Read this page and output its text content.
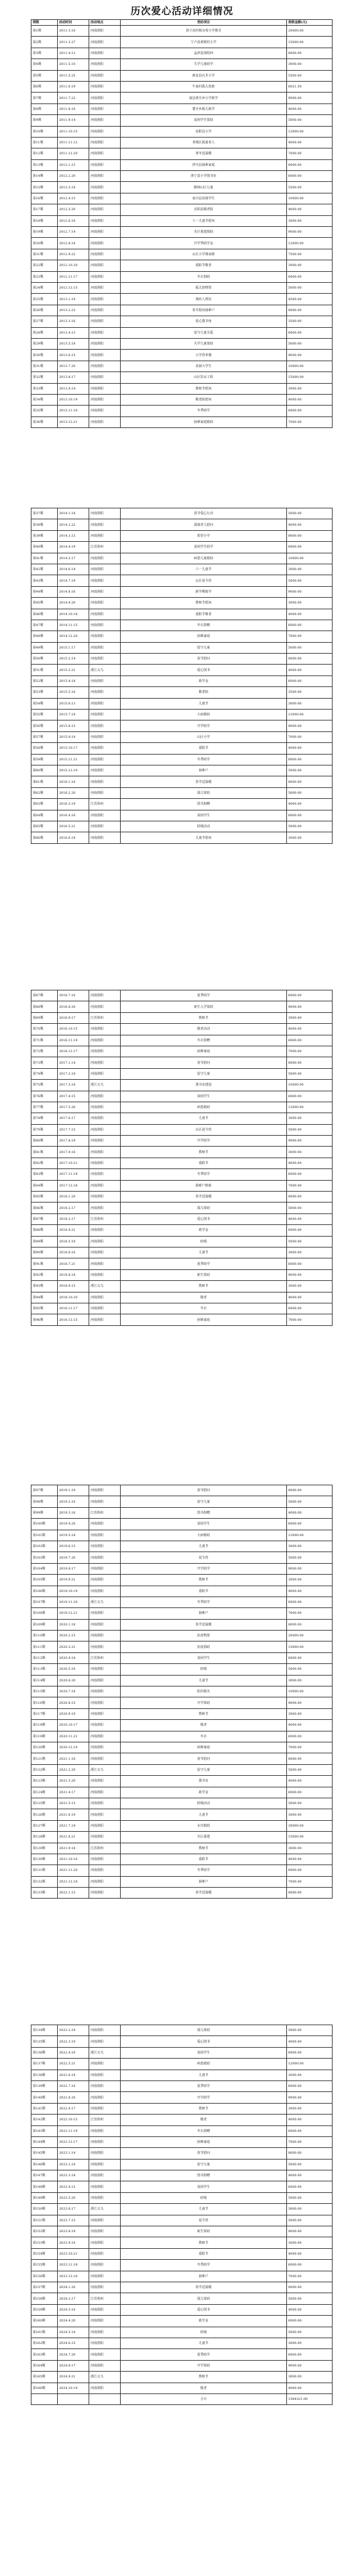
历次爱心活动详细情况
期数	活动时间	活动地点	受助项目	捐款金额(元)
第1期	2011.3.16	河南洛阳	洛王沟村杨余希小学图书	20000.00
第2期	2011.3.27	河南洛阳	宁卢县黄塬村小学	15000.00
第3期	2011.4.12	河南洛阳	孟津县洛阳西	8000.00
第4期	2011.5.10	河南洛阳	失学儿童助学	3000.00
第5期	2011.5.25	河南洛阳	新安县石井小学	5500.00
第6期	2011.6.19	河南洛阳	牛家村孤儿资助	6021.50
第7期	2011.7.22	河南洛阳	嵩县黄庄乡小学助学	9000.00
第8期	2011.8.16	河南洛阳	董寺乡孤儿助学	4000.00
第9期	2011.9.14	河南洛阳	贫困学生资助	5000.00
第10期	2011.10.15	河南洛阳	汝阳县小学	12000.00
第11期	2011.11.12	河南洛阳	老城区孤寡老人	4000.00
第12期	2011.12.20	河南洛阳	寒冬送温暖	7000.00
第13期	2012.1.15	河南洛阳	伊川县困难家庭	8000.00
第14期	2012.2.20	河南洛阳	洛宁县小学图书室	6000.00
第15期	2012.3.18	河南洛阳	偃师山区儿童	5500.00
第16期	2012.4.15	河南洛阳	栾川县贫困学生	10000.00
第17期	2012.5.20	河南洛阳	宜阳县敬老院	4000.00
第18期	2012.6.16	河南洛阳	六一儿童节慰问	3000.00
第19期	2012.7.14	河南洛阳	灾区重建捐助	9000.00
第20期	2012.8.18	河南洛阳	开学季助学金	12000.00
第21期	2012.9.22	河南洛阳	山区小学课桌椅	7500.00
第22期	2012.10.20	河南洛阳	重阳节敬老	3000.00
第23期	2012.11.17	河南洛阳	冬衣捐助	6000.00
第24期	2012.12.15	河南洛阳	孤儿院物资	5000.00
第25期	2013.1.19	河南洛阳	残疾人帮扶	4500.00
第26期	2013.2.23	河南洛阳	春节慰问困难户	8000.00
第27期	2013.3.16	河南洛阳	爱心图书角	3500.00
第28期	2013.4.13	河南洛阳	留守儿童关爱	6000.00
第29期	2013.5.18	河南洛阳	失学儿童资助	5000.00
第30期	2013.6.15	河南洛阳	小学营养餐	9000.00
第31期	2013.7.20	河南洛阳	贫困大学生	10000.00
第32期	2013.8.17	河南洛阳	山区饮水工程	15000.00
第33期	2013.9.14	河南洛阳	教师节慰问	3000.00
第34期	2013.10.19	河南洛阳	敬老院慰问	4000.00
第35期	2013.11.16	河南洛阳	冬季助学	6000.00
第36期	2013.12.21	河南洛阳	困难家庭救助	7000.00
第37期	2014.1.18	河南洛阳	春节爱心行动	5000.00
第38期	2014.2.22	河南洛阳	孤寡老人慰问	4000.00
第39期	2014.3.15	河南洛阳	希望小学	8000.00
第40期	2014.4.19	江苏徐州	贫困学生助学	6000.00
第41期	2014.5.17	河南洛阳	病患儿童救助	10000.00
第42期	2014.6.14	河南洛阳	六一儿童节	3000.00
第43期	2014.7.19	河南洛阳	山区夏令营	5000.00
第44期	2014.8.16	河南洛阳	新学期助学	9000.00
第45期	2014.9.20	河南洛阳	教师节慰问	3000.00
第46期	2014.10.18	河南洛阳	重阳节敬老	4000.00
第47期	2014.11.15	河南洛阳	冬衣捐赠	6000.00
第48期	2014.12.20	河南洛阳	困难家庭	7000.00
第49期	2015.1.17	河南洛阳	留守儿童	5000.00
第50期	2015.2.14	河南洛阳	春节慰问	8000.00
第51期	2015.3.21	浙江义乌	爱心图书	4000.00
第52期	2015.4.18	河南洛阳	助学金	6000.00
第53期	2015.5.16	河南洛阳	敬老院	3500.00
第54期	2015.6.13	河南洛阳	儿童节	3000.00
第55期	2015.7.18	河南洛阳	大病救助	12000.00
第56期	2015.8.15	河南洛阳	开学助学	9000.00
第57期	2015.9.19	河南洛阳	山区小学	7000.00
第58期	2015.10.17	河南洛阳	重阳节	4000.00
第59期	2015.11.21	河南洛阳	冬季助学	6000.00
第60期	2015.12.19	河南洛阳	困难户	5000.00
第61期	2016.1.16	河南洛阳	春节送温暖	8000.00
第62期	2016.2.20	河南洛阳	孤儿资助	5000.00
第63期	2016.3.19	江苏徐州	图书捐赠	4000.00
第64期	2016.4.16	河南洛阳	贫困学生	6000.00
第65期	2016.5.21	河南洛阳	助残活动	5000.00
第66期	2016.6.18	河南洛阳	儿童节慰问	3000.00
第67期	2016.7.16	河南洛阳	夏季助学	6000.00
第68期	2016.8.20	河南洛阳	新生入学资助	9000.00
第69期	2016.9.17	江苏徐州	教师节	3000.00
第70期	2016.10.15	河南洛阳	敬老活动	4000.00
第71期	2016.11.19	河南洛阳	冬衣捐赠	6000.00
第72期	2016.12.17	河南洛阳	困难家庭	7000.00
第73期	2017.1.14	河南洛阳	春节慰问	8000.00
第74期	2017.2.18	河南洛阳	留守儿童	5000.00
第75期	2017.3.18	浙江义乌	图书室建设	10000.00
第76期	2017.4.15	河南洛阳	贫困学生	6000.00
第77期	2017.5.20	河南洛阳	病患救助	12000.00
第78期	2017.6.17	河南洛阳	儿童节	3000.00
第79期	2017.7.15	河南洛阳	山区夏令营	5000.00
第80期	2017.8.19	河南洛阳	开学助学	9000.00
第81期	2017.9.16	河南洛阳	教师节	3000.00
第82期	2017.10.21	河南洛阳	重阳节	4000.00
第83期	2017.11.18	河南洛阳	冬季助学	6000.00
第84期	2017.12.16	河南洛阳	困难户救助	7000.00
第85期	2018.1.20	河南洛阳	春节送温暖	8000.00
第86期	2018.2.17	河南洛阳	孤儿资助	5000.00
第87期	2018.3.17	江苏徐州	爱心图书	4000.00
第88期	2018.4.21	河南洛阳	助学金	6000.00
第89期	2018.5.19	河南洛阳	助残	5000.00
第90期	2018.6.16	河南洛阳	儿童节	3000.00
第91期	2018.7.21	河南洛阳	夏季助学	6000.00
第92期	2018.8.18	河南洛阳	新生资助	9000.00
第93期	2018.9.15	浙江义乌	教师节	3000.00
第94期	2018.10.20	河南洛阳	敬老	4000.00
第95期	2018.11.17	河南洛阳	冬衣	6000.00
第96期	2018.12.15	河南洛阳	困难家庭	7000.00
第97期	2019.1.19	河南洛阳	春节慰问	8000.00
第98期	2019.2.16	河南洛阳	留守儿童	5000.00
第99期	2019.3.16	江苏徐州	图书捐赠	4000.00
第100期	2019.4.20	河南洛阳	贫困学生	6000.00
第101期	2019.5.18	河南洛阳	大病救助	12000.00
第102期	2019.6.15	河南洛阳	儿童节	3000.00
第103期	2019.7.20	河南洛阳	夏令营	5000.00
第104期	2019.8.17	河南洛阳	开学助学	9000.00
第105期	2019.9.21	河南洛阳	教师节	3000.00
第106期	2019.10.19	河南洛阳	重阳节	4000.00
第107期	2019.11.16	浙江义乌	冬季助学	6000.00
第108期	2019.12.21	河南洛阳	困难户	7000.00
第109期	2020.1.18	河南洛阳	春节送温暖	8000.00
第110期	2020.2.15	河南洛阳	抗疫物资	20000.00
第111期	2020.3.21	河南洛阳	抗疫捐助	15000.00
第112期	2020.4.18	江苏徐州	贫困学生	6000.00
第113期	2020.5.16	河南洛阳	助残	5000.00
第114期	2020.6.20	河南洛阳	儿童节	3000.00
第115期	2020.7.18	河南洛阳	防汛救灾	10000.00
第116期	2020.8.15	河南洛阳	开学资助	9000.00
第117期	2020.9.19	河南洛阳	教师节	3000.00
第118期	2020.10.17	河南洛阳	敬老	4000.00
第119期	2020.11.21	河南洛阳	冬衣	6000.00
第120期	2020.12.19	河南洛阳	困难家庭	7000.00
第121期	2021.1.16	河南洛阳	春节慰问	8000.00
第122期	2021.2.20	浙江义乌	留守儿童	5000.00
第123期	2021.3.20	河南洛阳	图书室	4000.00
第124期	2021.4.17	河南洛阳	助学金	6000.00
第125期	2021.5.15	河南洛阳	助残活动	5000.00
第126期	2021.6.19	河南洛阳	儿童节	3000.00
第127期	2021.7.24	河南洛阳	水灾救助	20000.00
第128期	2021.8.21	河南洛阳	灾后重建	15000.00
第129期	2021.9.18	江苏徐州	教师节	3000.00
第130期	2021.10.16	河南洛阳	重阳节	4000.00
第131期	2021.11.20	河南洛阳	冬季助学	6000.00
第132期	2021.12.18	河南洛阳	困难户	7000.00
第133期	2022.1.15	河南洛阳	春节送温暖	8000.00
第134期	2022.2.19	河南洛阳	孤儿资助	5000.00
第135期	2022.3.19	河南洛阳	爱心图书	4000.00
第136期	2022.4.16	浙江义乌	贫困学生	6000.00
第137期	2022.5.21	河南洛阳	病患救助	12000.00
第138期	2022.6.18	河南洛阳	儿童节	3000.00
第139期	2022.7.16	河南洛阳	夏季助学	6000.00
第140期	2022.8.20	河南洛阳	开学助学	9000.00
第141期	2022.9.17	河南洛阳	教师节	3000.00
第142期	2022.10.15	江苏徐州	敬老	4000.00
第143期	2022.11.19	河南洛阳	冬衣捐赠	6000.00
第144期	2022.12.17	河南洛阳	困难家庭	7000.00
第145期	2023.1.14	河南洛阳	春节慰问	8000.00
第146期	2023.2.18	河南洛阳	留守儿童	5000.00
第147期	2023.3.18	河南洛阳	图书捐赠	4000.00
第148期	2023.4.15	河南洛阳	贫困学生	6000.00
第149期	2023.5.20	河南洛阳	助残	5000.00
第150期	2023.6.17	浙江义乌	儿童节	3000.00
第151期	2023.7.15	河南洛阳	夏令营	5000.00
第152期	2023.8.19	河南洛阳	新生资助	9000.00
第153期	2023.9.16	河南洛阳	教师节	3000.00
第154期	2023.10.21	河南洛阳	重阳节	4000.00
第155期	2023.11.18	河南洛阳	冬季助学	6000.00
第156期	2023.12.16	河南洛阳	困难户	7000.00
第157期	2024.1.20	河南洛阳	春节送温暖	8000.00
第158期	2024.2.17	江苏徐州	孤儿资助	5000.00
第159期	2024.3.16	河南洛阳	爱心图书	4000.00
第160期	2024.4.20	河南洛阳	助学金	6000.00
第161期	2024.5.18	河南洛阳	助残	5000.00
第162期	2024.6.15	河南洛阳	儿童节	3000.00
第163期	2024.7.20	河南洛阳	夏季助学	6000.00
第164期	2024.8.17	河南洛阳	开学资助	9000.00
第165期	2024.9.21	浙江义乌	教师节	3000.00
第166期	2024.10.19	河南洛阳	敬老	4000.00
			合计	1564321.00
